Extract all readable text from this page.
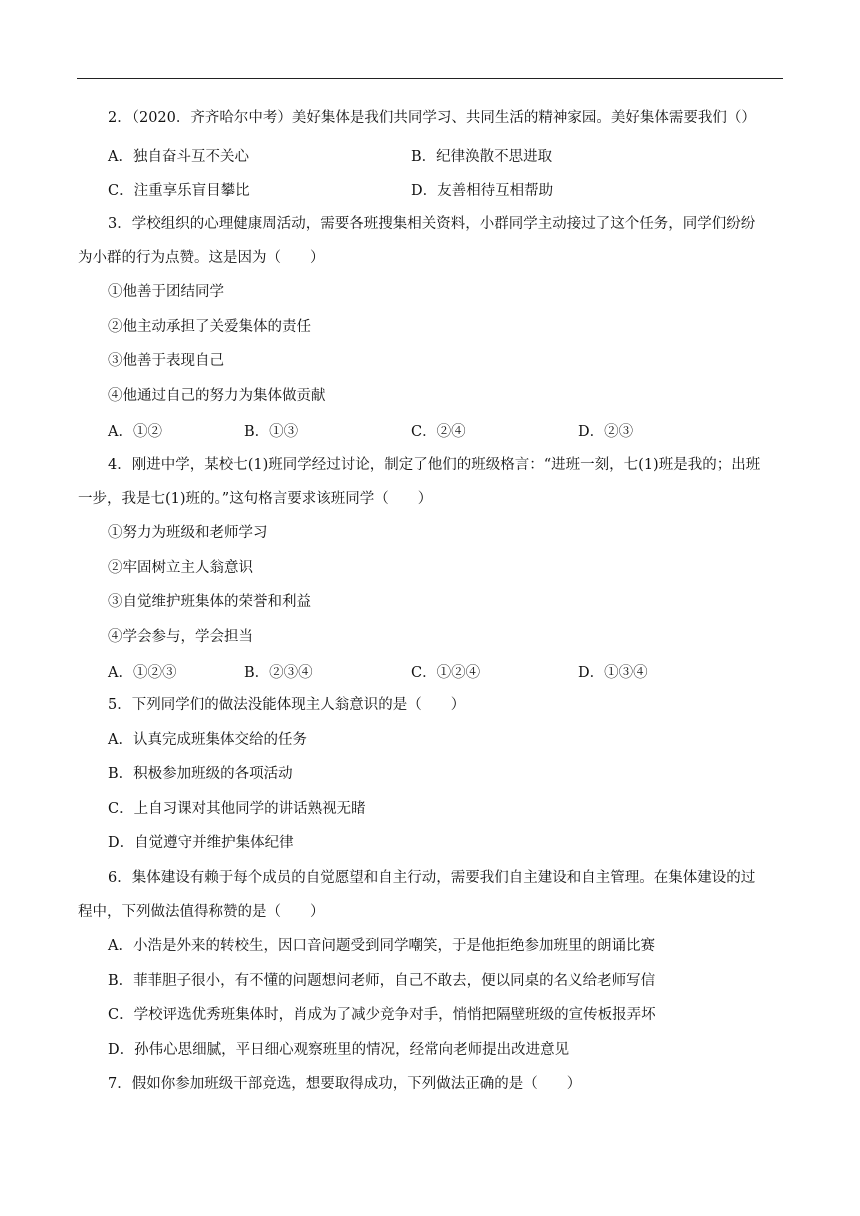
2．（2020．齐齐哈尔中考）美好集体是我们共同学习、共同生活的精神家园。美好集体需要我们（）
A．独自奋斗互不关心	B．纪律涣散不思进取
C．注重享乐盲目攀比	D．友善相待互相帮助
3．学校组织的心理健康周活动，需要各班搜集相关资料，小群同学主动接过了这个任务，同学们纷纷
为小群的行为点赞。这是因为（　　）
①他善于团结同学
②他主动承担了关爱集体的责任
③他善于表现自己
④他通过自己的努力为集体做贡献
A．①②	B．①③	C．②④	D．②③
4．刚进中学，某校七(1)班同学经过讨论，制定了他们的班级格言：“进班一刻，七(1)班是我的；出班
一步，我是七(1)班的。”这句格言要求该班同学（　　）
①努力为班级和老师学习
②牢固树立主人翁意识
③自觉维护班集体的荣誉和利益
④学会参与，学会担当
A．①②③	B．②③④	C．①②④	D．①③④
5．下列同学们的做法没能体现主人翁意识的是（　　）
A．认真完成班集体交给的任务
B．积极参加班级的各项活动
C．上自习课对其他同学的讲话熟视无睹
D．自觉遵守并维护集体纪律
6．集体建设有赖于每个成员的自觉愿望和自主行动，需要我们自主建设和自主管理。在集体建设的过
程中，下列做法值得称赞的是（　　）
A．小浩是外来的转校生，因口音问题受到同学嘲笑，于是他拒绝参加班里的朗诵比赛
B．菲菲胆子很小，有不懂的问题想问老师，自己不敢去，便以同桌的名义给老师写信
C．学校评选优秀班集体时，肖成为了减少竞争对手，悄悄把隔壁班级的宣传板报弄坏
D．孙伟心思细腻，平日细心观察班里的情况，经常向老师提出改进意见
7．假如你参加班级干部竞选，想要取得成功，下列做法正确的是（　　）
